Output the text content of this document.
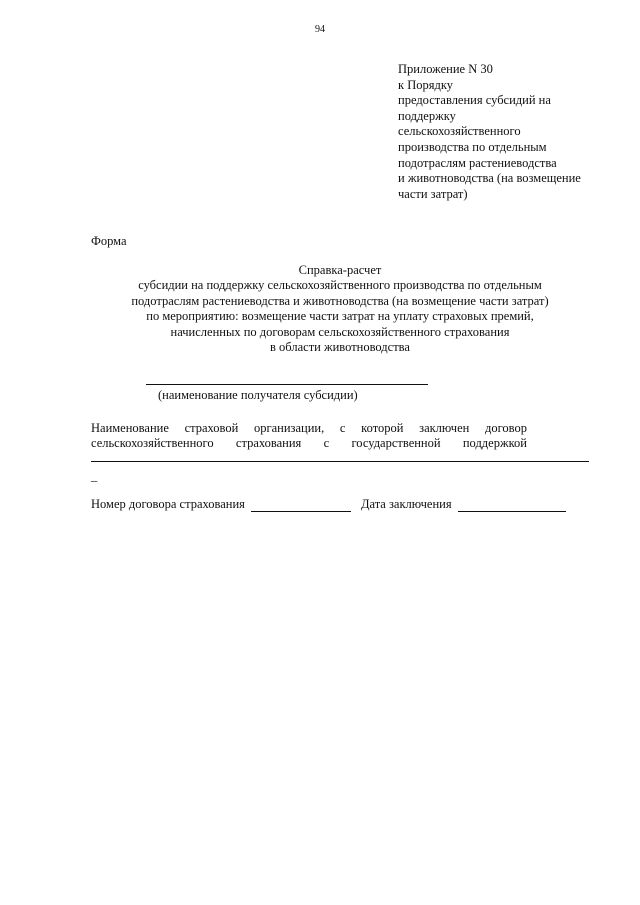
94
Приложение N 30
к Порядку
предоставления субсидий на
поддержку
сельскохозяйственного
производства по отдельным
подотраслям растениеводства
и животноводства (на возмещение
части затрат)
Форма
Справка-расчет
субсидии на поддержку сельскохозяйственного производства по отдельным
подотраслям растениеводства и животноводства (на возмещение части затрат)
по мероприятию: возмещение части затрат на уплату страховых премий,
начисленных по договорам сельскохозяйственного страхования
в области животноводства
(наименование получателя субсидии)
Наименование страховой организации, с которой заключен договор
сельскохозяйственного страхования с государственной поддержкой
_
Номер договора страхования	Дата заключения
